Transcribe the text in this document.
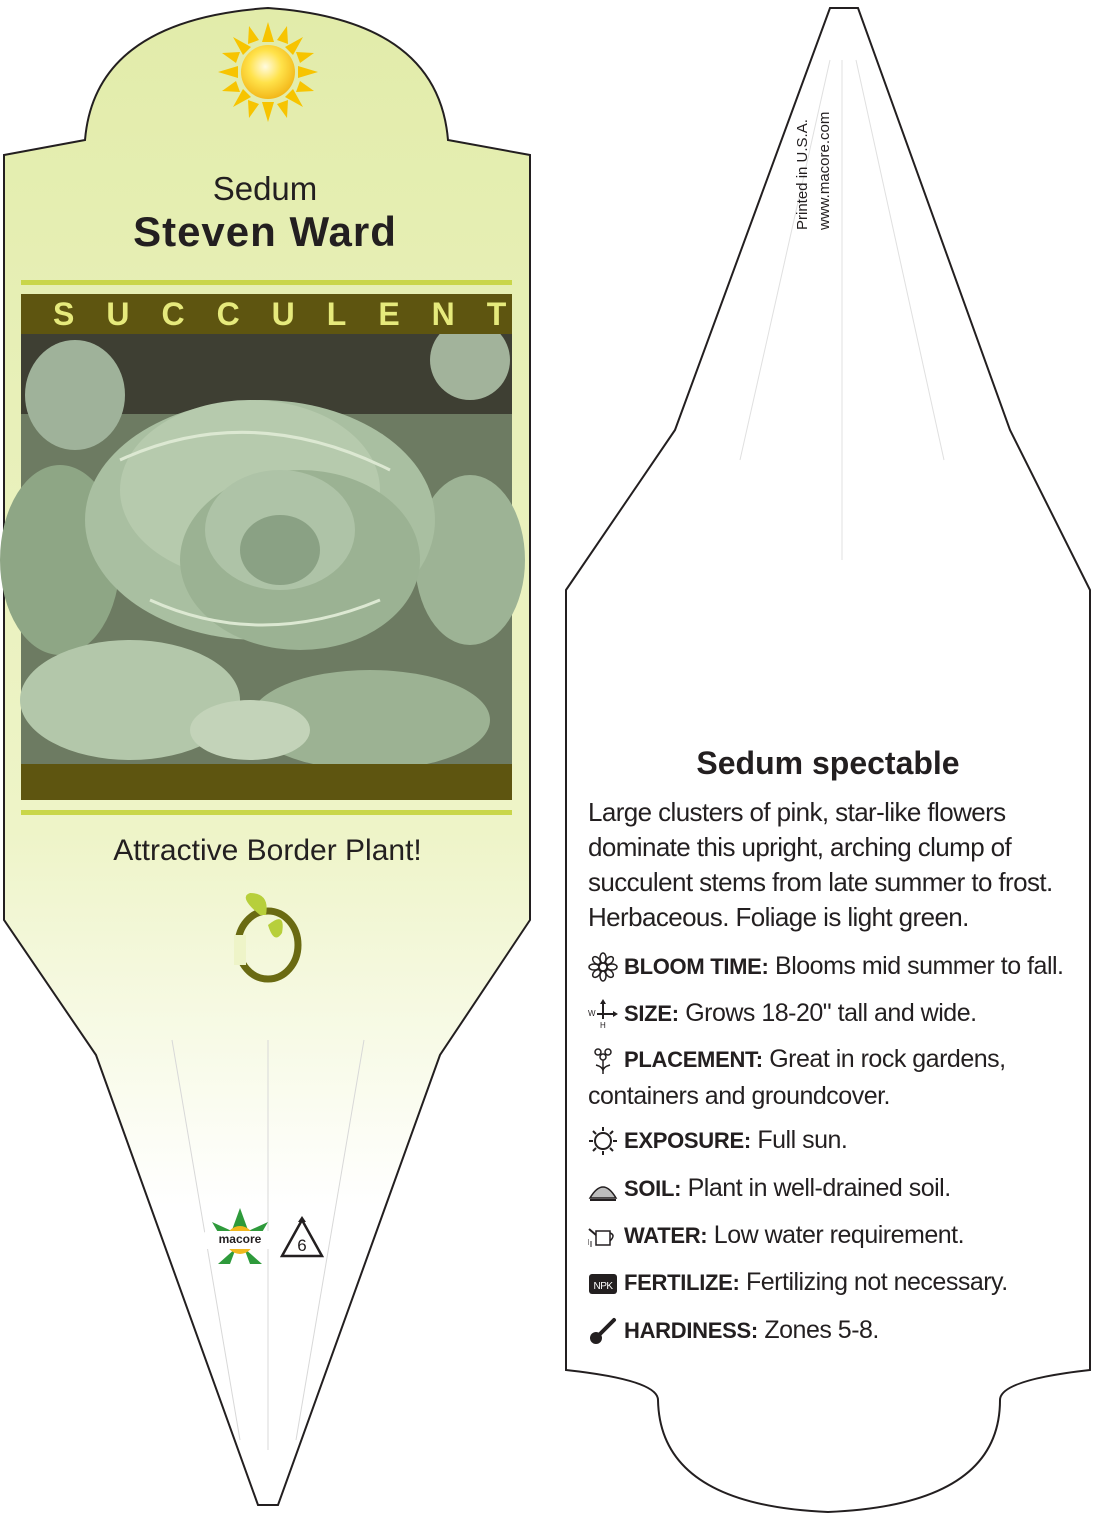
Sedum
Steven Ward
SUCCULENT
Attractive Border Plant!
macore	6
Printed in U.S.A. www.macore.com
Sedum spectable
Large clusters of pink, star-like flowers dominate this upright, arching clump of succulent stems from late summer to frost. Herbaceous. Foliage is light green.
BLOOM TIME: Blooms mid summer to fall.
W
H SIZE: Grows 18-20" tall and wide.
PLACEMENT: Great in rock gardens, containers and groundcover.
EXPOSURE: Full sun.
SOIL: Plant in well-drained soil.
WATER: Low water requirement.
NPK FERTILIZE: Fertilizing not necessary.
HARDINESS: Zones 5-8.
